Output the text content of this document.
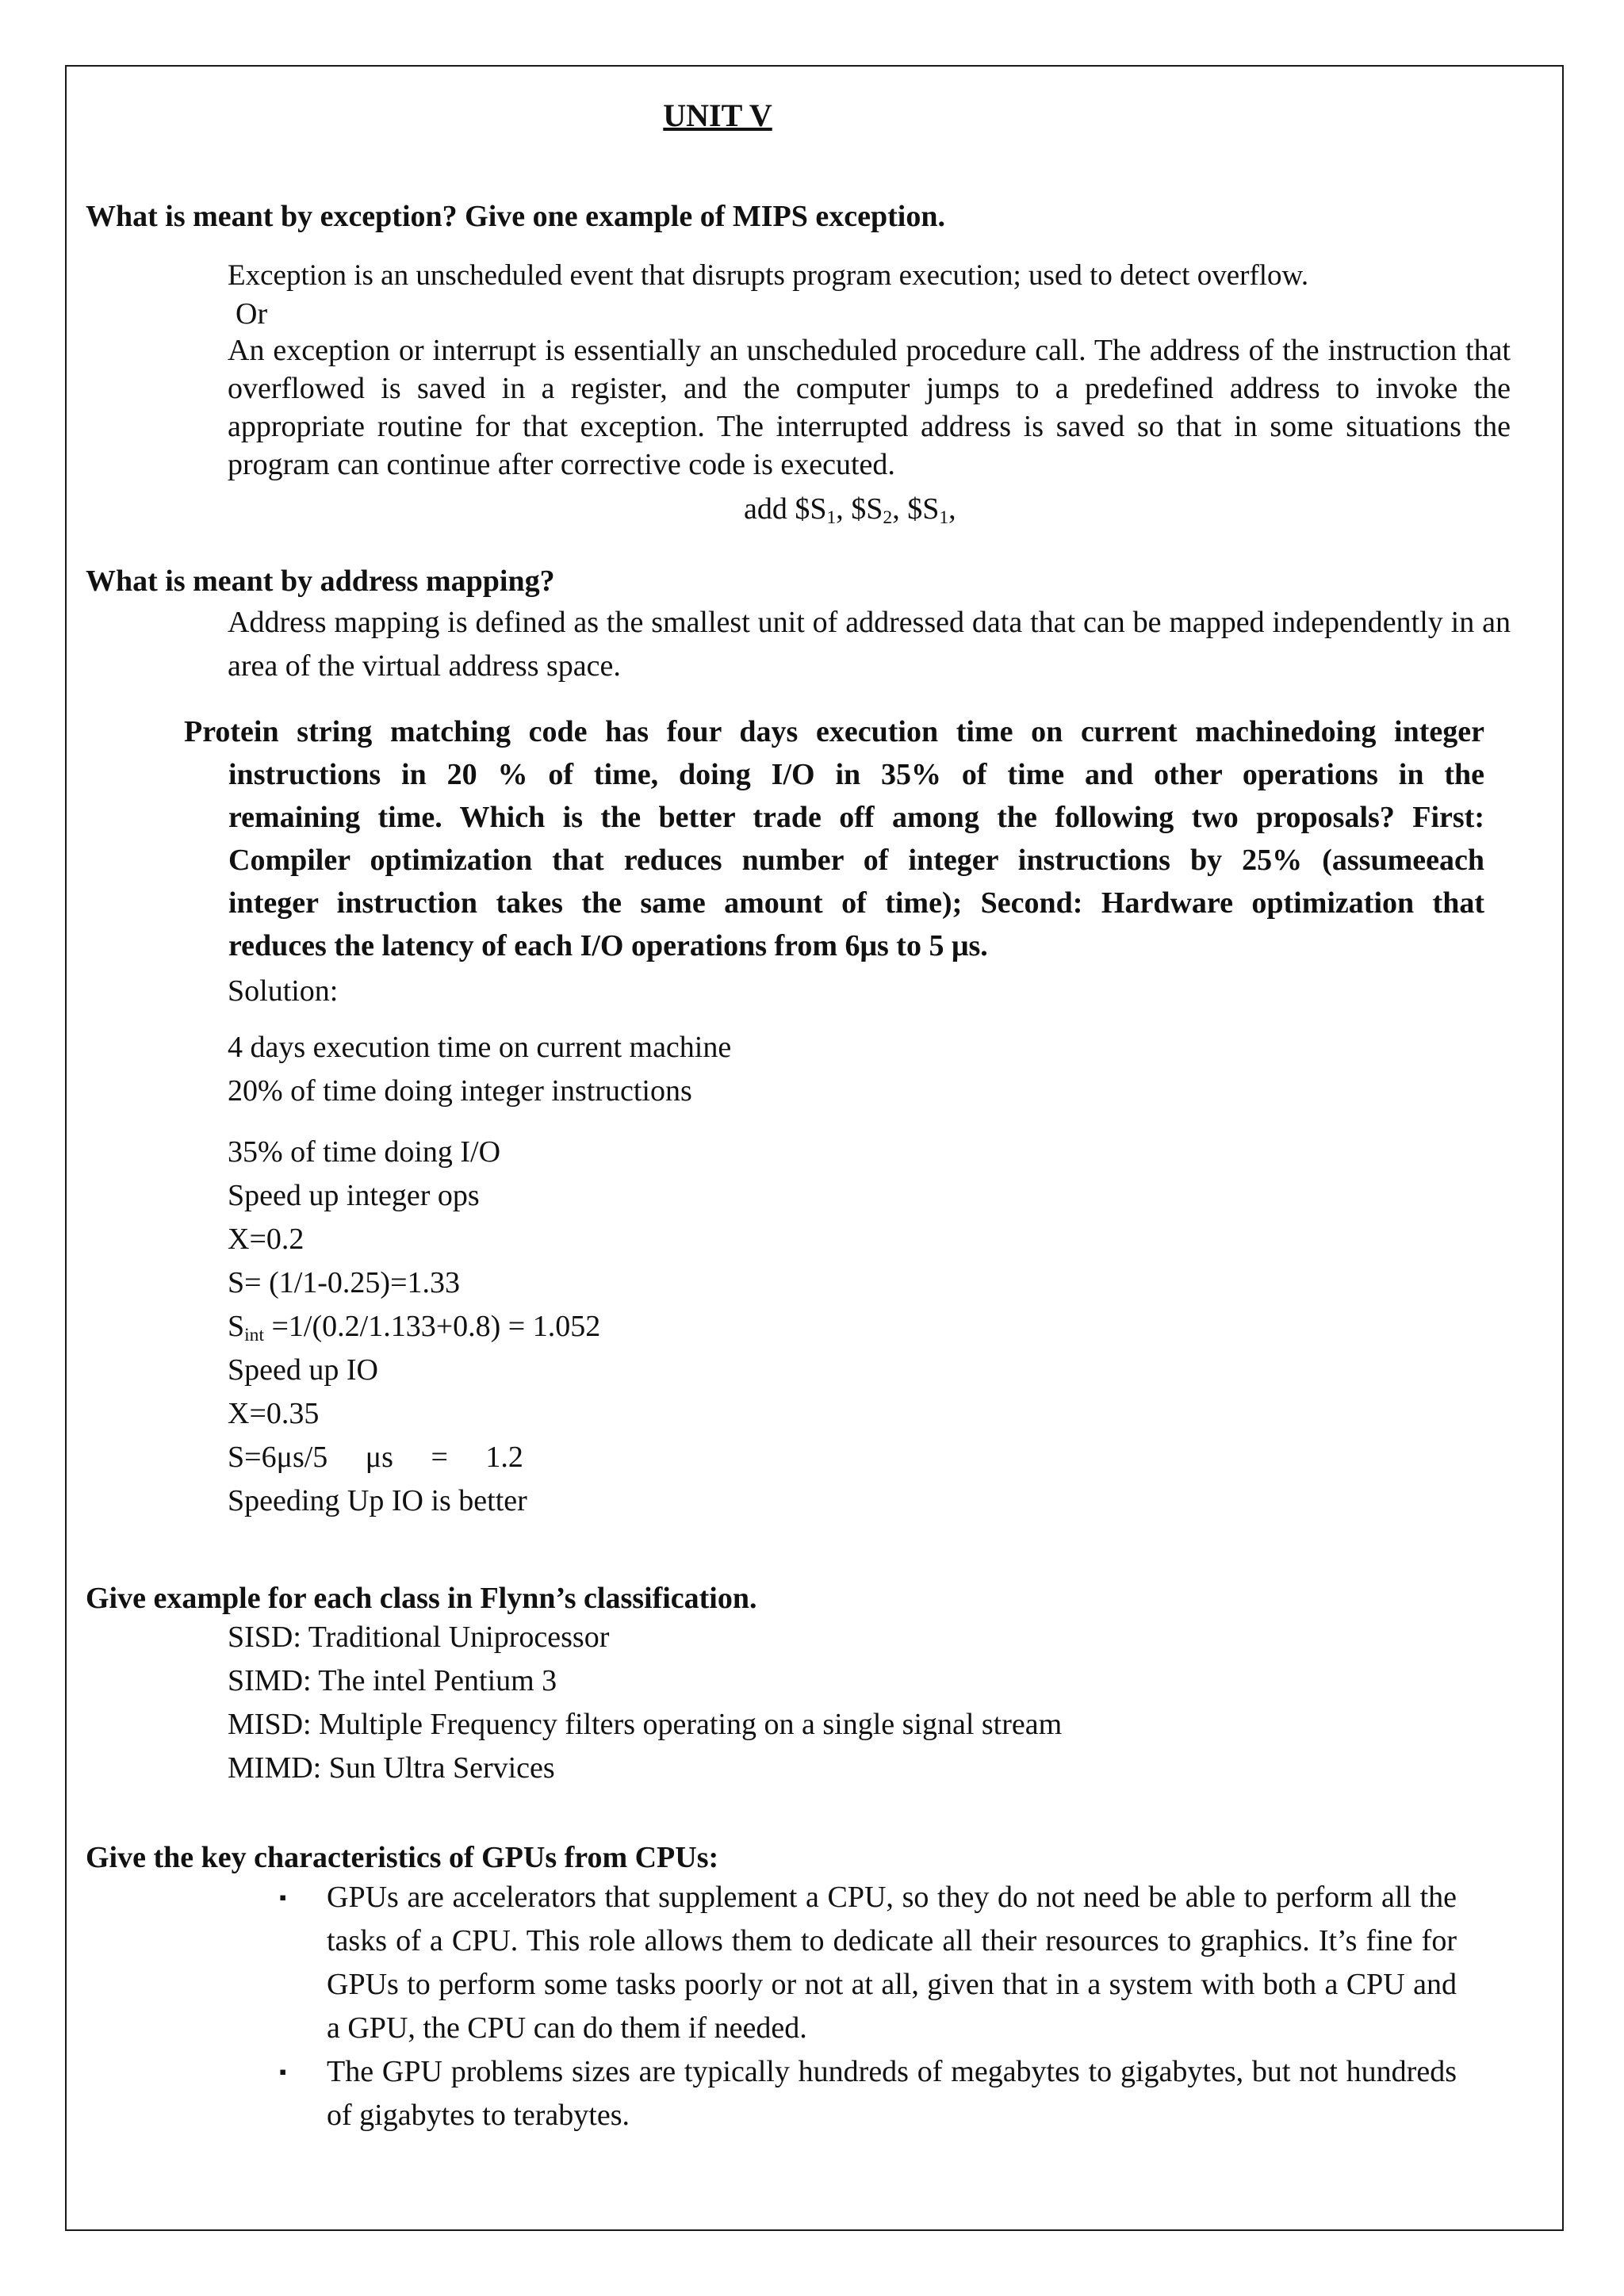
UNIT V

What is meant by exception? Give one example of MIPS exception.

Exception is an unscheduled event that disrupts program execution; used to detect overflow.

Or

An exception or interrupt is essentially an unscheduled procedure call. The address of the instruction that overflowed is saved in a register, and the computer jumps to a predefined address to invoke the appropriate routine for that exception. The interrupted address is saved so that in some situations the program can continue after corrective code is executed.

add $\$S_1$, $\$S_2$, $\$S_1$,

What is meant by address mapping?

Address mapping is defined as the smallest unit of addressed data that can be mapped independently in an area of the virtual address space.

Protein string matching code has four days execution time on current machinedoing integer
instructions in 20 % of time, doing I/O in 35% of time and other operations in the
remaining time. Which is the better trade off among the following two proposals? First:
Compiler optimization that reduces number of integer instructions by 25% (assumeeach
integer instruction takes the same amount of time); Second: Hardware optimization that
reduces the latency of each I/O operations from 6μs to 5 μs.

Solution:

4 days execution time on current machine
20% of time doing integer instructions
35% of time doing I/O
Speed up integer ops
X=0.2
S= (1/1-0.25)=1.33
$S_{int} =1/(0.2/1.133+0.8) = 1.052$
Speed up IO
X=0.35
S=6μs/5     μs     =     1.2
Speeding Up IO is better

Give example for each class in Flynn’s classification.

SISD: Traditional Uniprocessor
SIMD: The intel Pentium 3
MISD: Multiple Frequency filters operating on a single signal stream
MIMD: Sun Ultra Services

Give the key characteristics of GPUs from CPUs:

▪ GPUs are accelerators that supplement a CPU, so they do not need be able to perform all the tasks of a CPU. This role allows them to dedicate all their resources to graphics. It’s fine for GPUs to perform some tasks poorly or not at all, given that in a system with both a CPU and a GPU, the CPU can do them if needed.
▪ The GPU problems sizes are typically hundreds of megabytes to gigabytes, but not hundreds of gigabytes to terabytes.
